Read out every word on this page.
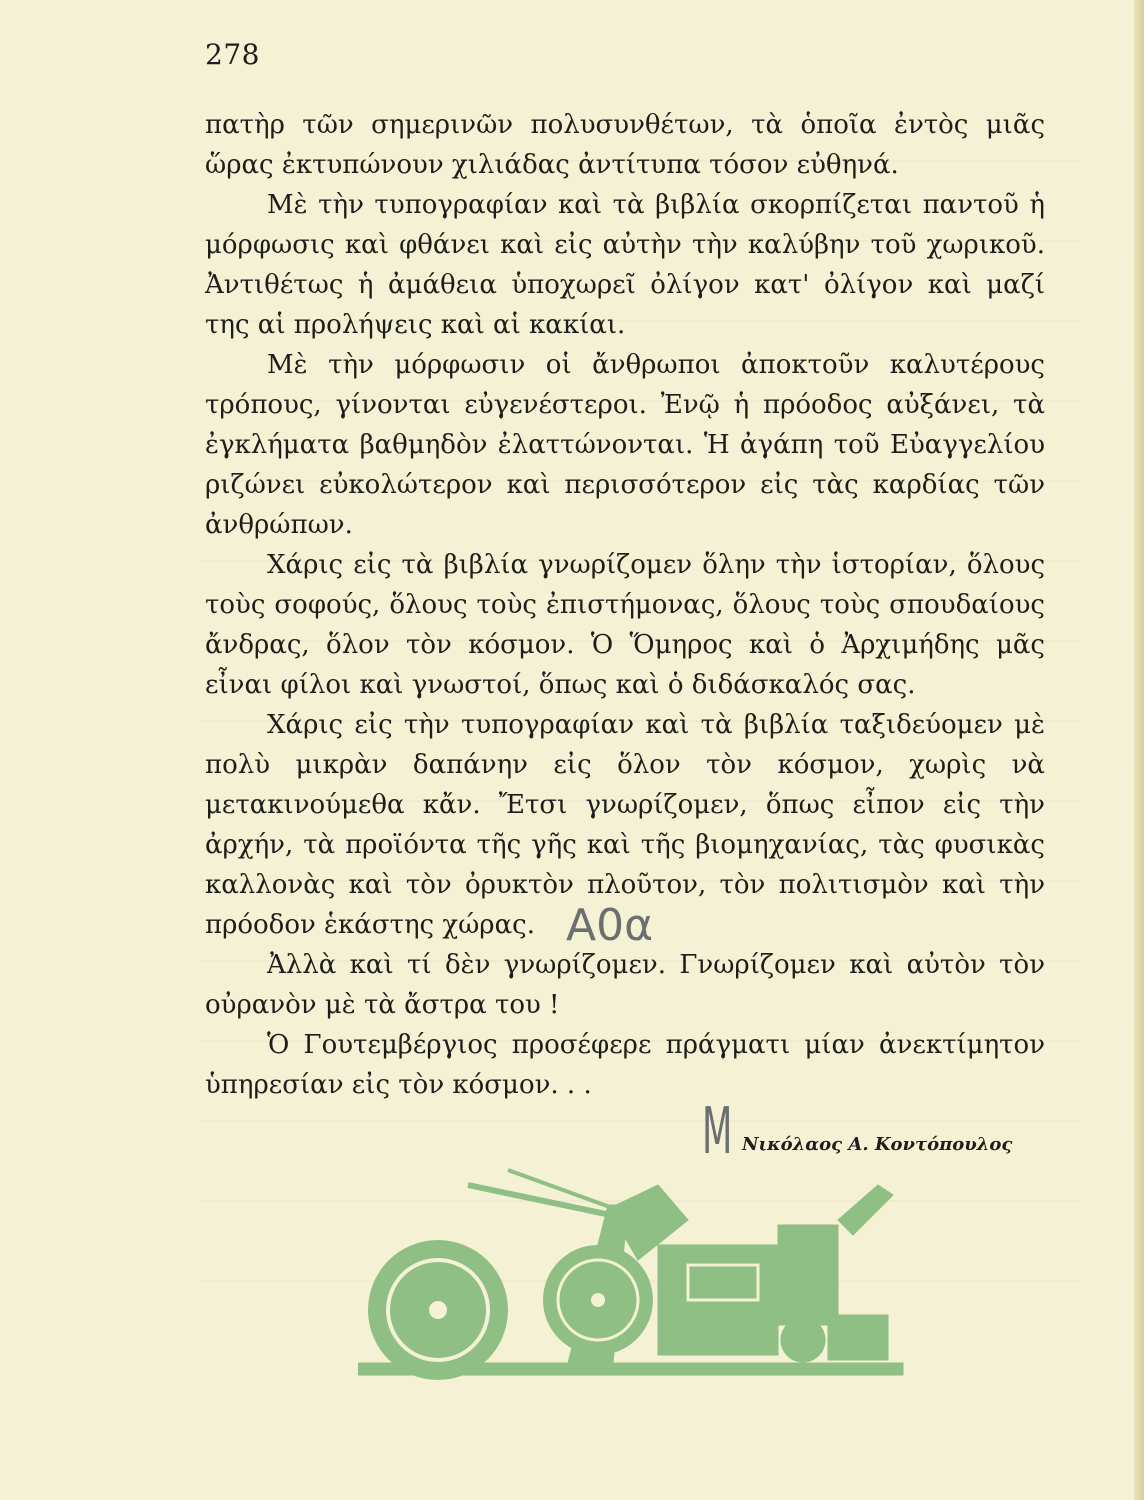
278

πατὴρ τῶν σημερινῶν πολυσυνθέτων, τὰ ὁποῖα ἐντὸς μιᾶς ὥρας ἐκτυπώνουν χιλιάδας ἀντίτυπα τόσον εὐθηνά.

Μὲ τὴν τυπογραφίαν καὶ τὰ βιβλία σκορπίζεται παντοῦ ἡ μόρφωσις καὶ φθάνει καὶ εἰς αὐτὴν τὴν καλύβην τοῦ χωρικοῦ. Ἀντιθέτως ἡ ἀμάθεια ὑποχωρεῖ ὀλίγον κατ' ὀλίγον καὶ μαζί της αἱ προλήψεις καὶ αἱ κακίαι.

Μὲ τὴν μόρφωσιν οἱ ἄνθρωποι ἀποκτοῦν καλυτέρους τρόπους, γίνονται εὐγενέστεροι. Ἐνῷ ἡ πρόοδος αὐξάνει, τὰ ἐγκλήματα βαθμηδὸν ἐλαττώνονται. Ἡ ἀγάπη τοῦ Εὐαγγελίου ριζώνει εὐκολώτερον καὶ περισσότερον εἰς τὰς καρδίας τῶν ἀνθρώπων.

Χάρις εἰς τὰ βιβλία γνωρίζομεν ὅλην τὴν ἱστορίαν, ὅλους τοὺς σοφούς, ὅλους τοὺς ἐπιστήμονας, ὅλους τοὺς σπουδαίους ἄνδρας, ὅλον τὸν κόσμον. Ὁ Ὅμηρος καὶ ὁ Ἀρχιμήδης μᾶς εἶναι φίλοι καὶ γνωστοί, ὅπως καὶ ὁ διδάσκαλός σας.

Χάρις εἰς τὴν τυπογραφίαν καὶ τὰ βιβλία ταξιδεύομεν μὲ πολὺ μικρὰν δαπάνην εἰς ὅλον τὸν κόσμον, χωρὶς νὰ μετακινούμεθα κἄν. Ἔτσι γνωρίζομεν, ὅπως εἶπον εἰς τὴν ἀρχήν, τὰ προϊόντα τῆς γῆς καὶ τῆς βιομηχανίας, τὰς φυσικὰς καλλονὰς καὶ τὸν ὀρυκτὸν πλοῦτον, τὸν πολιτισμὸν καὶ τὴν πρόοδον ἑκάστης χώρας.

Ἀλλὰ καὶ τί δὲν γνωρίζομεν. Γνωρίζομεν καὶ αὐτὸν τὸν οὐρανὸν μὲ τὰ ἄστρα του !

Ὁ Γουτεμβέργιος προσέφερε πράγματι μίαν ἀνεκτίμητον ὑπηρεσίαν εἰς τὸν κόσμον. . .

Α0α
Μ Νικόλαος Α. Κοντόπουλος
